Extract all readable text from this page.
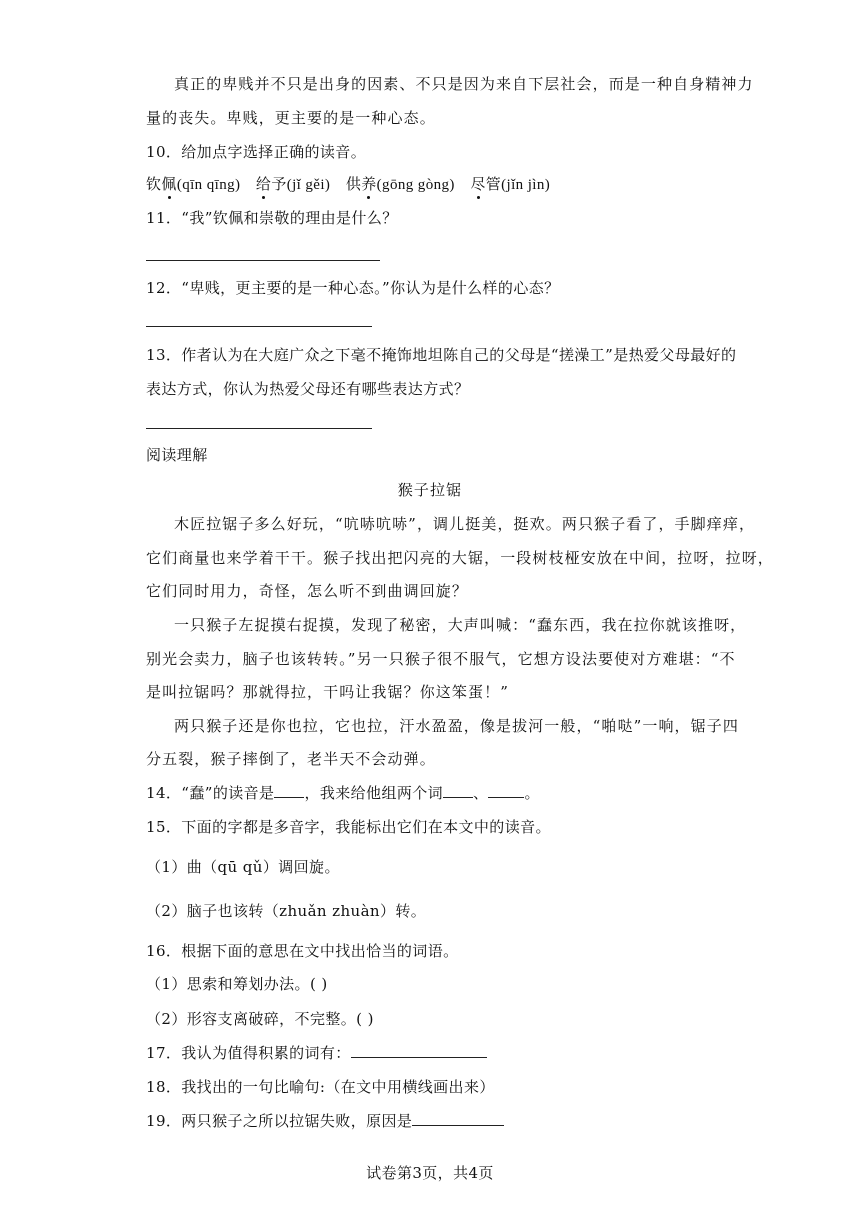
真正的卑贱并不只是出身的因素、不只是因为来自下层社会，而是一种自身精神力
量的丧失。卑贱，更主要的是一种心态。
10．给加点字选择正确的读音。
钦佩(qīn qīng) 给予(jǐ gěi) 供养(gōng gòng) 尽管(jǐn jìn)
11．“我”钦佩和崇敬的理由是什么？
12．“卑贱，更主要的是一种心态。”你认为是什么样的心态？
13．作者认为在大庭广众之下毫不掩饰地坦陈自己的父母是“搓澡工”是热爱父母最好的
表达方式，你认为热爱父母还有哪些表达方式？
阅读理解
猴子拉锯
木匠拉锯子多么好玩，“吭哧吭哧”，调儿挺美，挺欢。两只猴子看了，手脚痒痒，
它们商量也来学着干干。猴子找出把闪亮的大锯，一段树枝桠安放在中间，拉呀，拉呀，
它们同时用力，奇怪，怎么听不到曲调回旋？
一只猴子左捉摸右捉摸，发现了秘密，大声叫喊：“蠢东西，我在拉你就该推呀，
别光会卖力，脑子也该转转。”另一只猴子很不服气，它想方设法要使对方难堪：“不
是叫拉锯吗？那就得拉，干吗让我锯？你这笨蛋！”
两只猴子还是你也拉，它也拉，汗水盈盈，像是拔河一般，“啪哒”一响，锯子四
分五裂，猴子摔倒了，老半天不会动弹。
14．“蠢”的读音是 ，我来给他组两个词 、 。
15．下面的字都是多音字，我能标出它们在本文中的读音。
（1）曲（qū qǔ）调回旋。
（2）脑子也该转（zhuǎn zhuàn）转。
16．根据下面的意思在文中找出恰当的词语。
（1）思索和筹划办法。( )
（2）形容支离破碎，不完整。( )
17．我认为值得积累的词有：
18．我找出的一句比喻句:（在文中用横线画出来）
19．两只猴子之所以拉锯失败，原因是
试卷第3页，共4页
